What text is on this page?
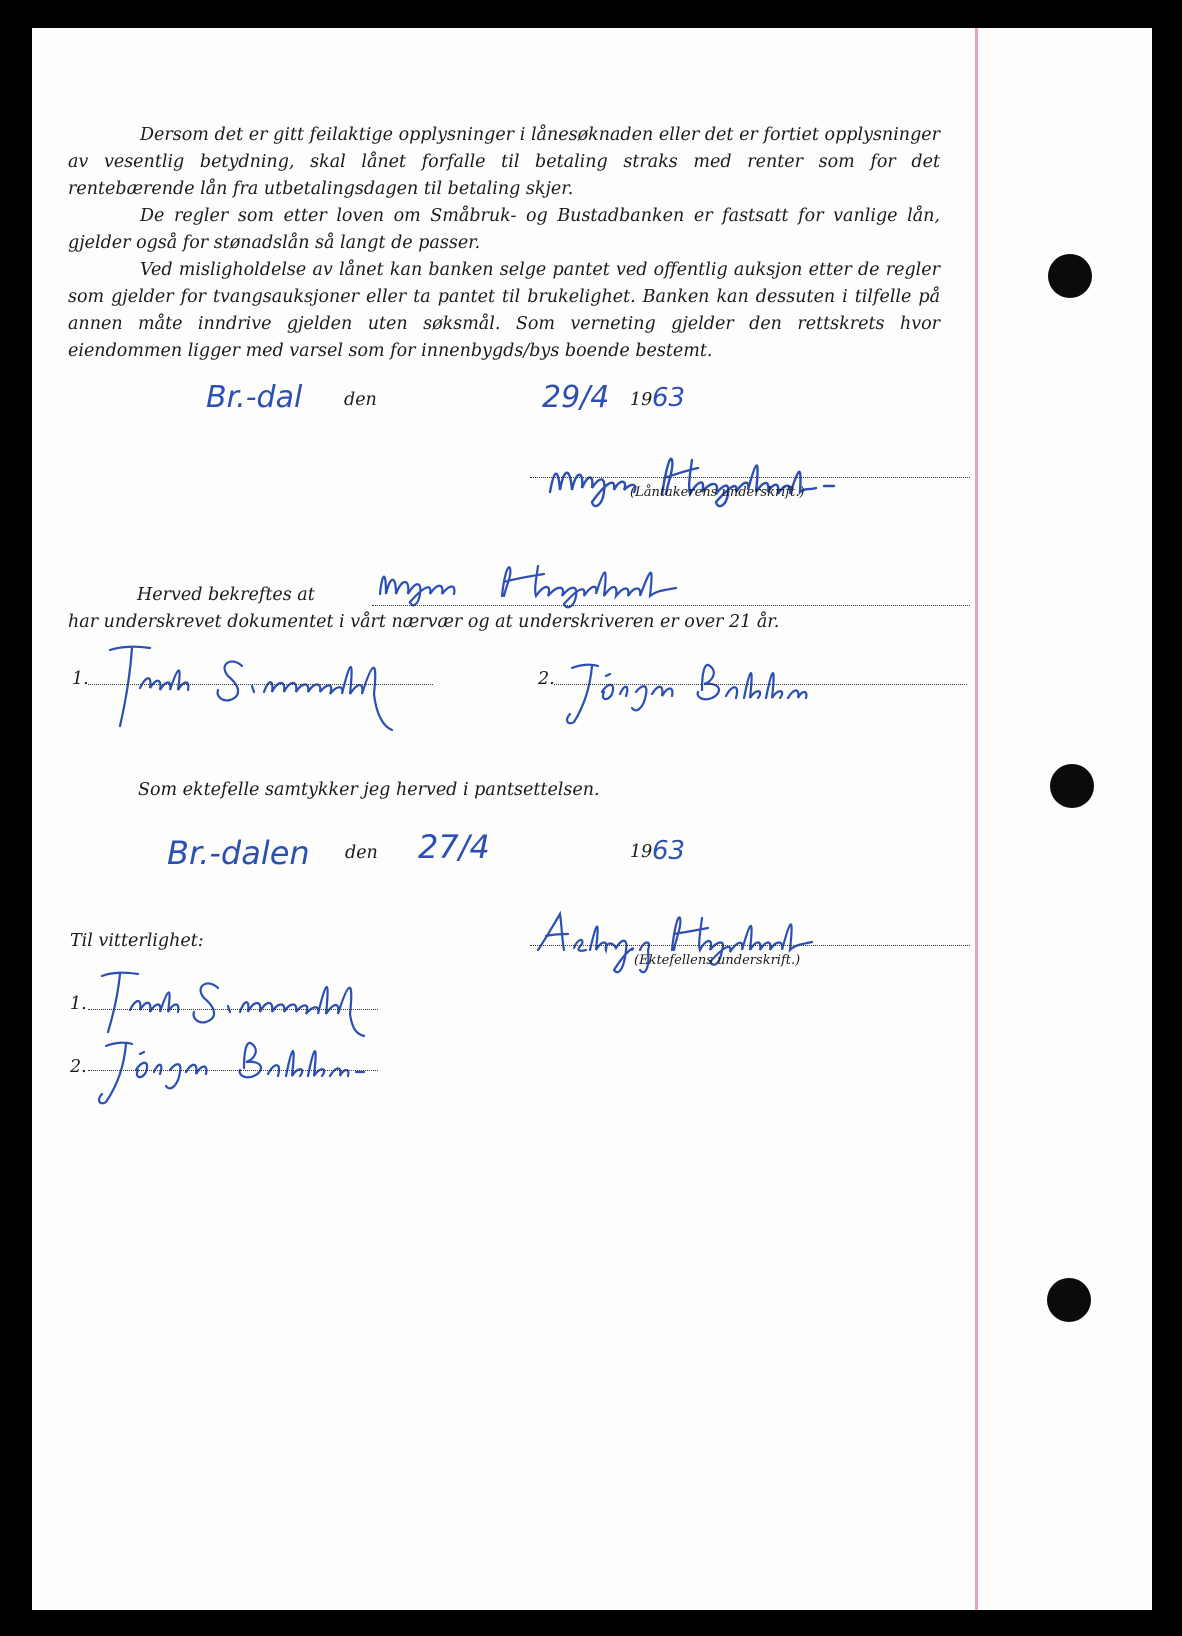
Dersom det er gitt feilaktige opplysninger i lånesøknaden eller det er fortiet opplysninger av vesentlig betydning, skal lånet forfalle til betaling straks med renter som for det rentebærende lån fra utbetalingsdagen til betaling skjer.

De regler som etter loven om Småbruk- og Bustadbanken er fastsatt for vanlige lån, gjelder også for stønadslån så langt de passer.

Ved misligholdelse av lånet kan banken selge pantet ved offentlig auksjon etter de regler som gjelder for tvangsauksjoner eller ta pantet til brukelighet. Banken kan dessuten i tilfelle på annen måte inndrive gjelden uten søksmål. Som verneting gjelder den rettskrets hvor eiendommen ligger med varsel som for innenbygds/bys boende bestemt.

Br.-dal den	29/4 19 63
(Låntakerens underskrift.)
Herved bekreftes at
har underskrevet dokumentet i vårt nærvær og at underskriveren er over 21 år.
1.	2.
Som ektefelle samtykker jeg herved i pantsettelsen.
Br.-dalen den 27/4	19 63
Til vitterlighet:
(Ektefellens underskrift.)
1.
2.
